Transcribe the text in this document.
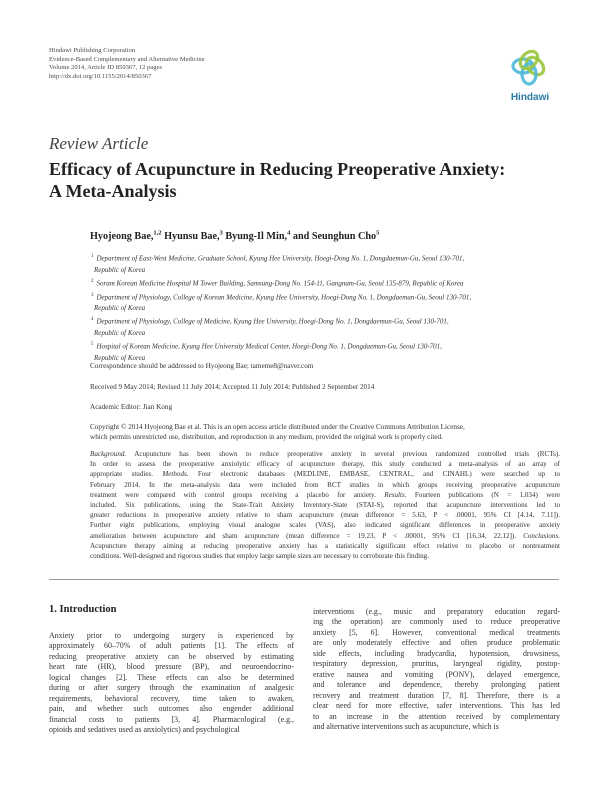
Hindawi Publishing Corporation
Evidence-Based Complementary and Alternative Medicine
Volume 2014, Article ID 850367, 12 pages
http://dx.doi.org/10.1155/2014/850367
Hindawi
Review Article
Efficacy of Acupuncture in Reducing Preoperative Anxiety:
A Meta-Analysis
Hyojeong Bae,$^{1,2}$ Hyunsu Bae,$^3$ Byung-Il Min,$^4$ and Seunghun Cho$^5$
$^1$ Department of East-West Medicine, Graduate School, Kyung Hee University, Hoegi-Dong No. 1, Dongdaemun-Gu, Seoul 130-701,
Republic of Korea
$^2$ Soram Korean Medicine Hospital M Tower Building, Samsung-Dong No. 154-11, Gangnam-Gu, Seoul 135-879, Republic of Korea
$^3$ Department of Physiology, College of Korean Medicine, Kyung Hee University, Hoegi-Dong No. 1, Dongdaemun-Gu, Seoul 130-701,
Republic of Korea
$^4$ Department of Physiology, College of Medicine, Kyung Hee University, Hoegi-Dong No. 1, Dongdaemun-Gu, Seoul 130-701,
Republic of Korea
$^5$ Hospital of Korean Medicine, Kyung Hee University Medical Center, Hoegi-Dong No. 1, Dongdaemun-Gu, Seoul 130-701,
Republic of Korea
Correspondence should be addressed to Hyojeong Bae; tameme8@naver.com
Received 9 May 2014; Revised 11 July 2014; Accepted 11 July 2014; Published 2 September 2014
Academic Editor: Jian Kong
Copyright © 2014 Hyojeong Bae et al. This is an open access article distributed under the Creative Commons Attribution License,
which permits unrestricted use, distribution, and reproduction in any medium, provided the original work is properly cited.
Background. Acupuncture has been shown to reduce preoperative anxiety in several previous randomized controlled trials (RCTs).
In order to assess the preoperative anxiolytic efficacy of acupuncture therapy, this study conducted a meta-analysis of an array of
appropriate studies. Methods. Four electronic databases (MEDLINE, EMBASE, CENTRAL, and CINAHL) were searched up to
February 2014. In the meta-analysis data were included from RCT studies in which groups receiving preoperative acupuncture
treatment were compared with control groups receiving a placebo for anxiety. Results. Fourteen publications (N = 1,034) were
included. Six publications, using the State-Trait Anxiety Inventory-State (STAI-S), reported that acupuncture interventions led to
greater reductions in preoperative anxiety relative to sham acupuncture (mean difference = 5.63, P < .00001, 95% CI [4.14, 7.11]).
Further eight publications, employing visual analogue scales (VAS), also indicated significant differences in preoperative anxiety
amelioration between acupuncture and sham acupuncture (mean difference = 19.23, P < .00001, 95% CI [16.34, 22.12]). Conclusions.
Acupuncture therapy aiming at reducing preoperative anxiety has a statistically significant effect relative to placebo or nontreatment
conditions. Well-designed and rigorous studies that employ large sample sizes are necessary to corroborate this finding.
1. Introduction
Anxiety prior to undergoing surgery is experienced by
approximately 60–70% of adult patients [1]. The effects of
reducing preoperative anxiety can be observed by estimating
heart rate (HR), blood pressure (BP), and neuroendocrino-
logical changes [2]. These effects can also be determined
during or after surgery through the examination of analgesic
requirements, behavioral recovery, time taken to awaken,
pain, and whether such outcomes also engender additional
financial costs to patients [3, 4]. Pharmacological (e.g.,
opioids and sedatives used as anxiolytics) and psychological
interventions (e.g., music and preparatory education regard-
ing the operation) are commonly used to reduce preoperative
anxiety [5, 6]. However, conventional medical treatments
are only moderately effective and often produce problematic
side effects, including bradycardia, hypotension, drowsiness,
respiratory depression, pruritus, laryngeal rigidity, postop-
erative nausea and vomiting (PONV), delayed emergence,
and tolerance and dependence, thereby prolonging patient
recovery and treatment duration [7, 8]. Therefore, there is a
clear need for more effective, safer interventions. This has led
to an increase in the attention received by complementary
and alternative interventions such as acupuncture, which is
